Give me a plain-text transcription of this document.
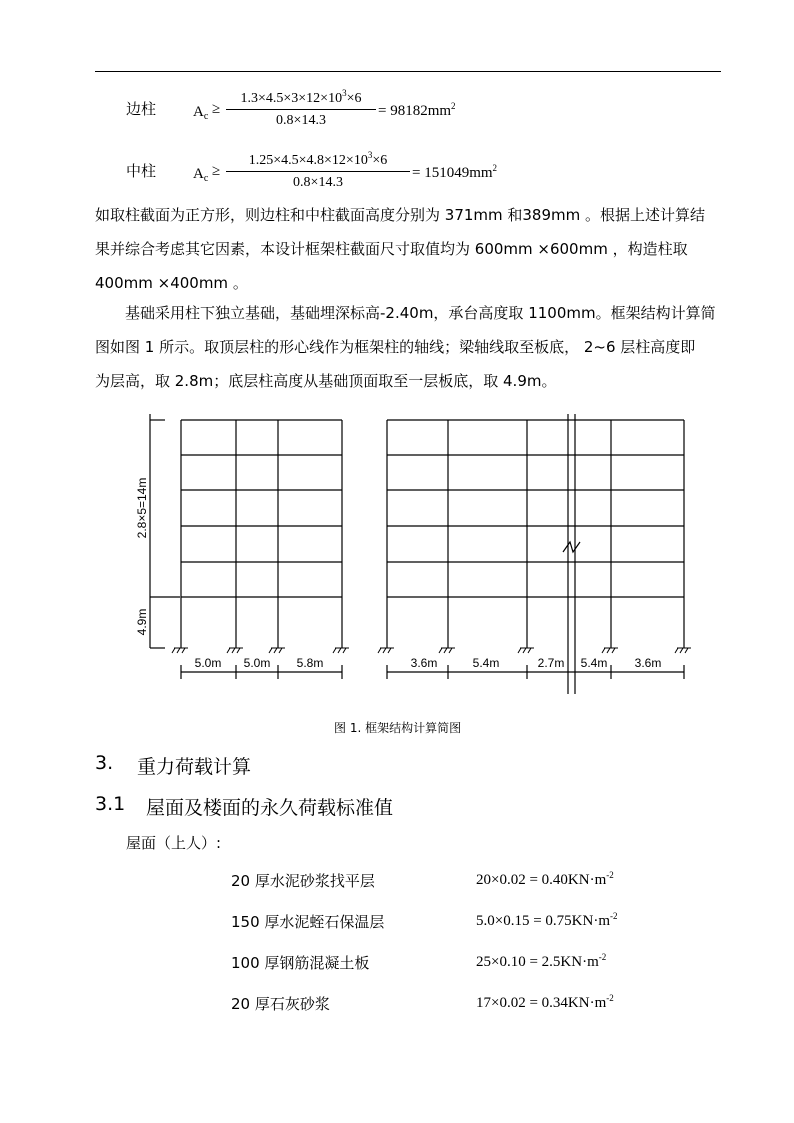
边柱 $A_c$ ≥
$1.3\times 4.5\times 3\times 12\times 10^3\times 6$
0.8×14.3
= $98182mm^2$
中柱 $A_c$ ≥
$1.25\times 4.5\times 4.8\times 12\times 10^3\times 6$
0.8×14.3
= $151049mm^2$
如取柱截面为正方形，则边柱和中柱截面高度分别为 371mm 和389mm 。根据上述计算结
果并综合考虑其它因素，本设计框架柱截面尺寸取值均为 600mm ×600mm ，构造柱取
400mm ×400mm 。
基础采用柱下独立基础，基础埋深标高-2.40m，承台高度取 1100mm。框架结构计算简
图如图 1 所示。取顶层柱的形心线作为框架柱的轴线；梁轴线取至板底， 2~6 层柱高度即
为层高，取 2.8m；底层柱高度从基础顶面取至一层板底，取 4.9m。
5.0m 5.0m 5.8m	3.6m	5.4m	2.7m 5.4m 3.6m
2.8×5=14m
4.9m
图 1. 框架结构计算简图
3. 重力荷载计算
3.1 屋面及楼面的永久荷载标准值
屋面（上人）:
20 厚水泥砂浆找平层	$20\times 0.02 = 0.40KN\cdot m^{-2}$
150 厚水泥蛭石保温层	$5.0\times 0.15 = 0.75KN\cdot m^{-2}$
100 厚钢筋混凝土板	$25\times 0.10 = 2.5KN\cdot m^{-2}$
20 厚石灰砂浆	$17\times 0.02 = 0.34KN\cdot m^{-2}$
